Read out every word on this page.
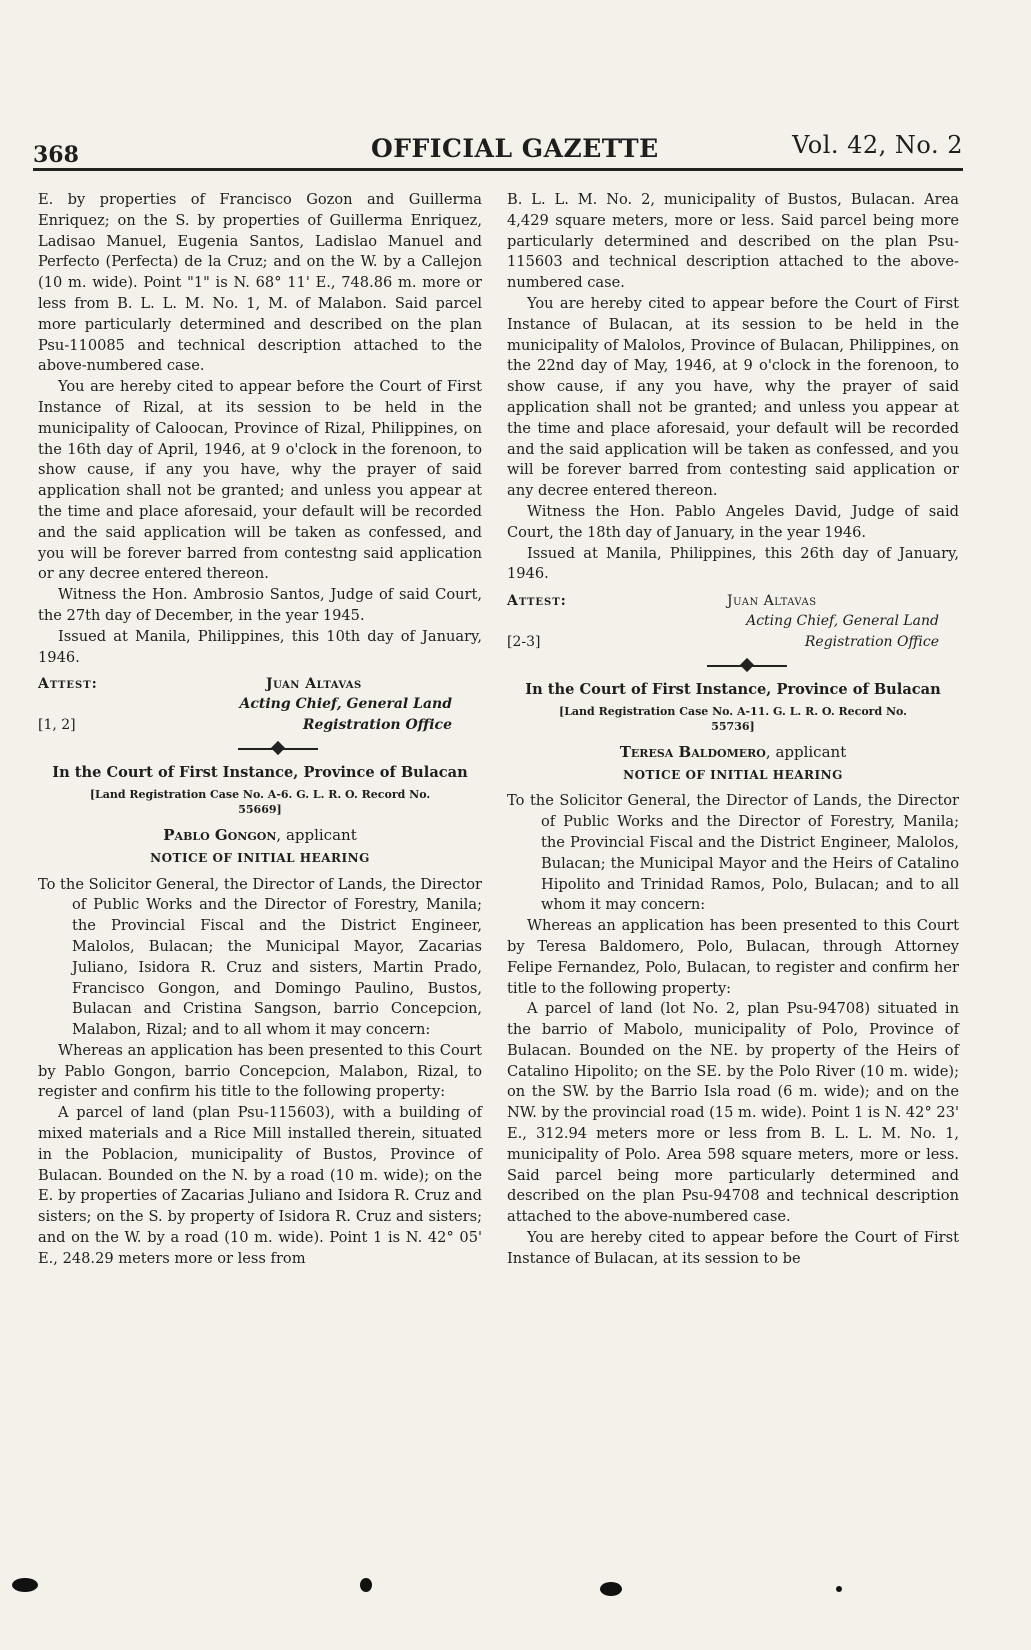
368	OFFICIAL GAZETTE	Vol. 42, No. 2

E. by properties of Francisco Gozon and Guillerma Enriquez; on the S. by properties of Guillerma Enriquez, Ladisao Manuel, Eugenia Santos, Ladislao Manuel and Perfecto (Perfecta) de la Cruz; and on the W. by a Callejon (10 m. wide). Point "1" is N. 68° 11' E., 748.86 m. more or less from B. L. L. M. No. 1, M. of Malabon. Said parcel more particularly determined and described on the plan Psu-110085 and technical description attached to the above-numbered case.

You are hereby cited to appear before the Court of First Instance of Rizal, at its session to be held in the municipality of Caloocan, Province of Rizal, Philippines, on the 16th day of April, 1946, at 9 o'clock in the forenoon, to show cause, if any you have, why the prayer of said application shall not be granted; and unless you appear at the time and place aforesaid, your default will be recorded and the said application will be taken as confessed, and you will be forever barred from contestng said application or any decree entered thereon.

Witness the Hon. Ambrosio Santos, Judge of said Court, the 27th day of December, in the year 1945.

Issued at Manila, Philippines, this 10th day of January, 1946.

Attest:	Juan Altavas
Acting Chief, General Land
[1, 2]	Registration Office
In the Court of First Instance, Province of Bulacan
[Land Registration Case No. A-6. G. L. R. O. Record No. 55669]
Pablo Gongon, applicant
NOTICE OF INITIAL HEARING

To the Solicitor General, the Director of Lands, the Director of Public Works and the Director of Forestry, Manila; the Provincial Fiscal and the District Engineer, Malolos, Bulacan; the Municipal Mayor, Zacarias Juliano, Isidora R. Cruz and sisters, Martin Prado, Francisco Gongon, and Domingo Paulino, Bustos, Bulacan and Cristina Sangson, barrio Concepcion, Malabon, Rizal; and to all whom it may concern:

Whereas an application has been presented to this Court by Pablo Gongon, barrio Concepcion, Malabon, Rizal, to register and confirm his title to the following property:

A parcel of land (plan Psu-115603), with a building of mixed materials and a Rice Mill installed therein, situated in the Poblacion, municipality of Bustos, Province of Bulacan. Bounded on the N. by a road (10 m. wide); on the E. by properties of Zacarias Juliano and Isidora R. Cruz and sisters; on the S. by property of Isidora R. Cruz and sisters; and on the W. by a road (10 m. wide). Point 1 is N. 42° 05' E., 248.29 meters more or less from

B. L. L. M. No. 2, municipality of Bustos, Bulacan. Area 4,429 square meters, more or less. Said parcel being more particularly determined and described on the plan Psu-115603 and technical description attached to the above-numbered case.

You are hereby cited to appear before the Court of First Instance of Bulacan, at its session to be held in the municipality of Malolos, Province of Bulacan, Philippines, on the 22nd day of May, 1946, at 9 o'clock in the forenoon, to show cause, if any you have, why the prayer of said application shall not be granted; and unless you appear at the time and place aforesaid, your default will be recorded and the said application will be taken as confessed, and you will be forever barred from contesting said application or any decree entered thereon.

Witness the Hon. Pablo Angeles David, Judge of said Court, the 18th day of January, in the year 1946.

Issued at Manila, Philippines, this 26th day of January, 1946.

Attest:	Juan Altavas
Acting Chief, General Land
[2-3]	Registration Office
In the Court of First Instance, Province of Bulacan
[Land Registration Case No. A-11. G. L. R. O. Record No. 55736]
Teresa Baldomero, applicant
NOTICE OF INITIAL HEARING

To the Solicitor General, the Director of Lands, the Director of Public Works and the Director of Forestry, Manila; the Provincial Fiscal and the District Engineer, Malolos, Bulacan; the Municipal Mayor and the Heirs of Catalino Hipolito and Trinidad Ramos, Polo, Bulacan; and to all whom it may concern:

Whereas an application has been presented to this Court by Teresa Baldomero, Polo, Bulacan, through Attorney Felipe Fernandez, Polo, Bulacan, to register and confirm her title to the following property:

A parcel of land (lot No. 2, plan Psu-94708) situated in the barrio of Mabolo, municipality of Polo, Province of Bulacan. Bounded on the NE. by property of the Heirs of Catalino Hipolito; on the SE. by the Polo River (10 m. wide); on the SW. by the Barrio Isla road (6 m. wide); and on the NW. by the provincial road (15 m. wide). Point 1 is N. 42° 23' E., 312.94 meters more or less from B. L. L. M. No. 1, municipality of Polo. Area 598 square meters, more or less. Said parcel being more particularly determined and described on the plan Psu-94708 and technical description attached to the above-numbered case.

You are hereby cited to appear before the Court of First Instance of Bulacan, at its session to be
